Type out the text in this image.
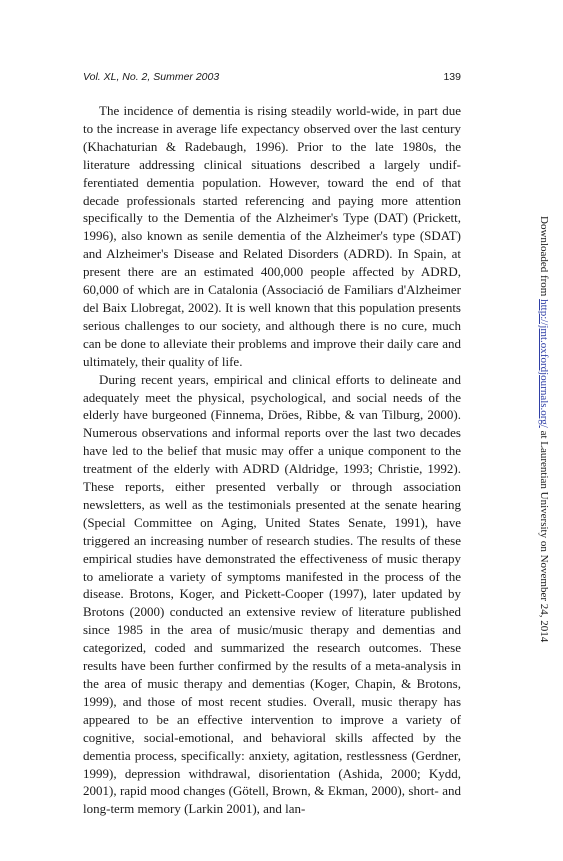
Vol. XL, No. 2, Summer 2003	139

The incidence of dementia is rising steadily world-wide, in part due to the increase in average life expectancy observed over the last century (Khachaturian & Radebaugh, 1996). Prior to the late 1980s, the literature addressing clinical situations described a largely undifferentiated dementia population. However, toward the end of that decade professionals started referencing and paying more attention specifically to the Dementia of the Alzheimer's Type (DAT) (Prickett, 1996), also known as senile dementia of the Alzheimer's type (SDAT) and Alzheimer's Disease and Related Disorders (ADRD). In Spain, at present there are an estimated 400,000 people affected by ADRD, 60,000 of which are in Catalonia (Associació de Familiars d'Alzheimer del Baix Llobregat, 2002). It is well known that this population presents serious challenges to our society, and although there is no cure, much can be done to alleviate their problems and improve their daily care and ultimately, their quality of life.

During recent years, empirical and clinical efforts to delineate and adequately meet the physical, psychological, and social needs of the elderly have burgeoned (Finnema, Dröes, Ribbe, & van Tilburg, 2000). Numerous observations and informal reports over the last two decades have led to the belief that music may offer a unique component to the treatment of the elderly with ADRD (Aldridge, 1993; Christie, 1992). These reports, either presented verbally or through association newsletters, as well as the testimonials presented at the senate hearing (Special Committee on Aging, United States Senate, 1991), have triggered an increasing number of research studies. The results of these empirical studies have demonstrated the effectiveness of music therapy to ameliorate a variety of symptoms manifested in the process of the disease. Brotons, Koger, and Pickett-Cooper (1997), later updated by Brotons (2000) conducted an extensive review of literature published since 1985 in the area of music/music therapy and dementias and categorized, coded and summarized the research outcomes. These results have been further confirmed by the results of a meta-analysis in the area of music therapy and dementias (Koger, Chapin, & Brotons, 1999), and those of most recent studies. Overall, music therapy has appeared to be an effective intervention to improve a variety of cognitive, social-emotional, and behavioral skills affected by the dementia process, specifically: anxiety, agitation, restlessness (Gerdner, 1999), depression withdrawal, disorientation (Ashida, 2000; Kydd, 2001), rapid mood changes (Götell, Brown, & Ekman, 2000), short- and long-term memory (Larkin 2001), and lan-

Downloaded from http://jmt.oxfordjournals.org/ at Laurentian University on November 24, 2014
